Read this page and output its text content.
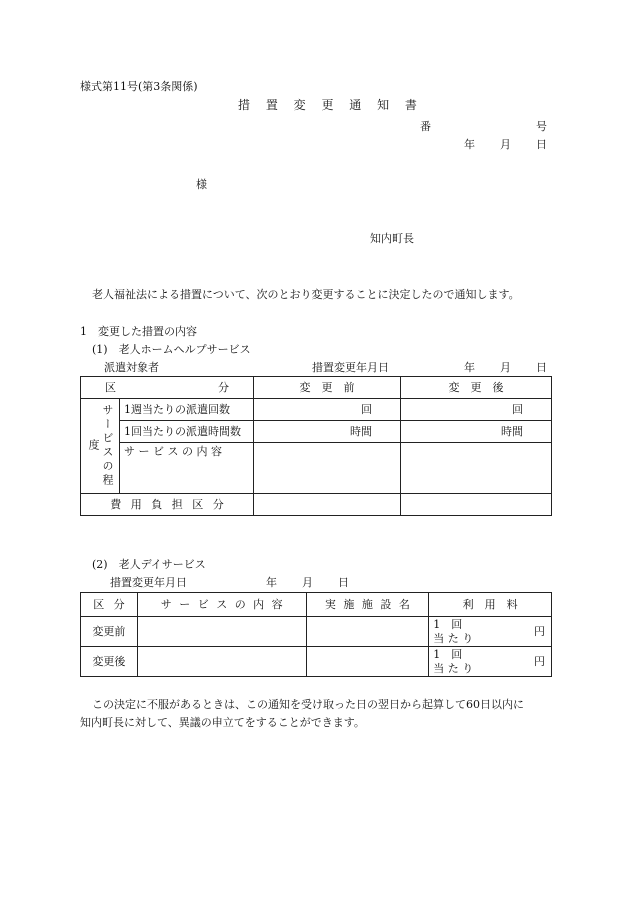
様式第11号(第3条関係)
措 置 変 更 通 知 書
番	号
年 月 日
様
知内町長
老人福祉法による措置について、次のとおり変更することに決定したので通知します。
1　変更した措置の内容
(1)　老人ホームヘルプサービス
派遣対象者	措置変更年月日	年 月 日
区 分		変　更　前	変　更　後
サービスの程度	1週当たりの派遣回数	回	回
	1回当たりの派遣時間数	時間	時間
	サ ー ビ ス の 内 容		
費 用 負 担 区 分			
(2)　老人デイサービス
措置変更年月日	年 月 日
区 分	サ ー ビ ス の 内 容	実 施 施 設 名	利　用　料
変更前			1　回
当 た り 円

変更後			1　回
当 た り 円
この決定に不服があるときは、この通知を受け取った日の翌日から起算して60日以内に
知内町長に対して、異議の申立てをすることができます。
